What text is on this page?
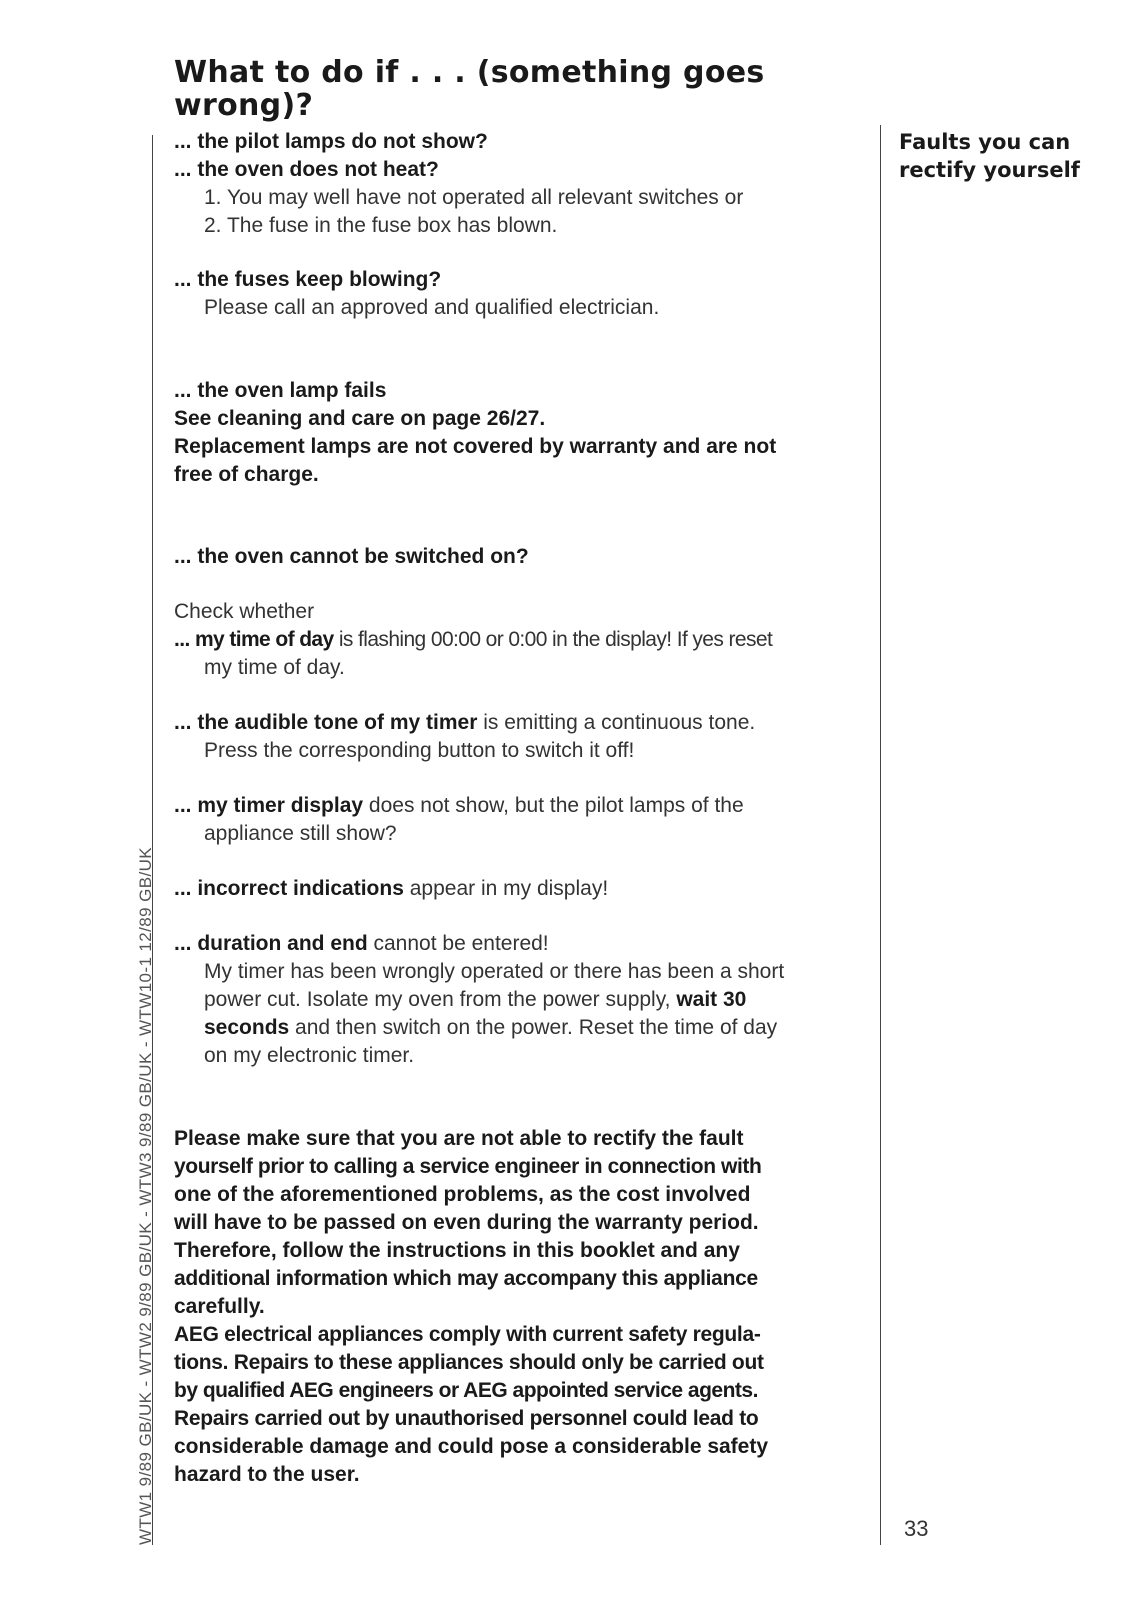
What to do if . . . (something goes wrong)?
Faults you can rectify yourself
WTW1 9/89 GB/UK - WTW2 9/89 GB/UK - WTW3 9/89 GB/UK - WTW10-1 12/89 GB/UK
... the pilot lamps do not show?
... the oven does not heat?
1. You may well have not operated all relevant switches or
2. The fuse in the fuse box has blown.
... the fuses keep blowing?
Please call an approved and qualified electrician.
... the oven lamp fails
See cleaning and care on page 26/27.
Replacement lamps are not covered by warranty and are not
free of charge.
... the oven cannot be switched on?
Check whether
... my time of day is flashing 00:00 or 0:00 in the display! If yes reset
my time of day.
... the audible tone of my timer is emitting a continuous tone.
Press the corresponding button to switch it off!
... my timer display does not show, but the pilot lamps of the
appliance still show?
... incorrect indications appear in my display!
... duration and end cannot be entered!
My timer has been wrongly operated or there has been a short
power cut. Isolate my oven from the power supply, wait 30
seconds and then switch on the power. Reset the time of day
on my electronic timer.
Please make sure that you are not able to rectify the fault
yourself prior to calling a service engineer in connection with
one of the aforementioned problems, as the cost involved
will have to be passed on even during the warranty period.
Therefore, follow the instructions in this booklet and any
additional information which may accompany this appliance
carefully.
AEG electrical appliances comply with current safety regula-
tions. Repairs to these appliances should only be carried out
by qualified AEG engineers or AEG appointed service agents.
Repairs carried out by unauthorised personnel could lead to
considerable damage and could pose a considerable safety
hazard to the user.
33
